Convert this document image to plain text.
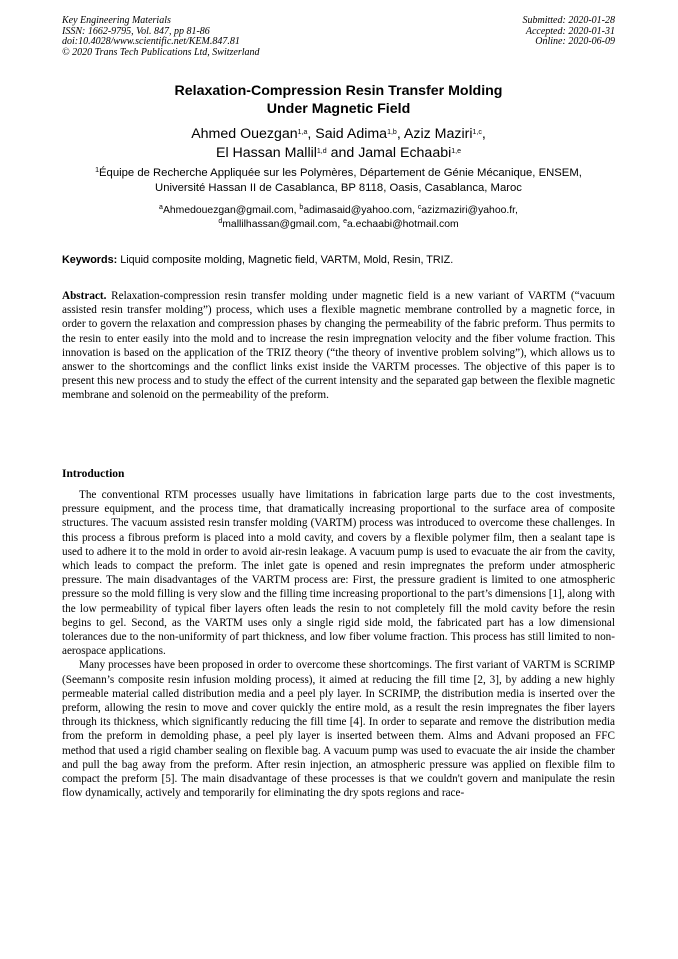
Key Engineering Materials
ISSN: 1662-9795, Vol. 847, pp 81-86
doi:10.4028/www.scientific.net/KEM.847.81
© 2020 Trans Tech Publications Ltd, Switzerland
Submitted: 2020-01-28
Accepted: 2020-01-31
Online: 2020-06-09
Relaxation-Compression Resin Transfer Molding
Under Magnetic Field
Ahmed Ouezgan$^{1,a}$, Said Adima$^{1,b}$, Aziz Maziri$^{1,c}$,
El Hassan Mallil$^{1,d}$ and Jamal Echaabi$^{1,e}$
$^1$Équipe de Recherche Appliquée sur les Polymères, Département de Génie Mécanique, ENSEM,
Université Hassan II de Casablanca, BP 8118, Oasis, Casablanca, Maroc
$^a$Ahmedouezgan@gmail.com, $^b$adimasaid@yahoo.com, $^c$azizmaziri@yahoo.fr,
$^d$mallilhassan@gmail.com, $^e$a.echaabi@hotmail.com
Keywords: Liquid composite molding, Magnetic field, VARTM, Mold, Resin, TRIZ.
Abstract. Relaxation-compression resin transfer molding under magnetic field is a new variant of VARTM (“vacuum assisted resin transfer molding”) process, which uses a flexible magnetic membrane controlled by a magnetic force, in order to govern the relaxation and compression phases by changing the permeability of the fabric preform. Thus permits to the resin to enter easily into the mold and to increase the resin impregnation velocity and the fiber volume fraction. This innovation is based on the application of the TRIZ theory (“the theory of inventive problem solving”), which allows us to answer to the shortcomings and the conflict links exist inside the VARTM processes. The objective of this paper is to present this new process and to study the effect of the current intensity and the separated gap between the flexible magnetic membrane and solenoid on the permeability of the preform.
Introduction

The conventional RTM processes usually have limitations in fabrication large parts due to the cost investments, pressure equipment, and the process time, that dramatically increasing proportional to the surface area of composite structures. The vacuum assisted resin transfer molding (VARTM) process was introduced to overcome these challenges. In this process a fibrous preform is placed into a mold cavity, and covers by a flexible polymer film, then a sealant tape is used to adhere it to the mold in order to avoid air-resin leakage. A vacuum pump is used to evacuate the air from the cavity, which leads to compact the preform. The inlet gate is opened and resin impregnates the preform under atmospheric pressure. The main disadvantages of the VARTM process are: First, the pressure gradient is limited to one atmospheric pressure so the mold filling is very slow and the filling time increasing proportional to the part’s dimensions [1], along with the low permeability of typical fiber layers often leads the resin to not completely fill the mold cavity before the resin begins to gel. Second, as the VARTM uses only a single rigid side mold, the fabricated part has a low dimensional tolerances due to the non-uniformity of part thickness, and low fiber volume fraction. This process has still limited to non-aerospace applications.

Many processes have been proposed in order to overcome these shortcomings. The first variant of VARTM is SCRIMP (Seemann’s composite resin infusion molding process), it aimed at reducing the fill time [2, 3], by adding a new highly permeable material called distribution media and a peel ply layer. In SCRIMP, the distribution media is inserted over the preform, allowing the resin to move and cover quickly the entire mold, as a result the resin impregnates the fiber layers through its thickness, which significantly reducing the fill time [4]. In order to separate and remove the distribution media from the preform in demolding phase, a peel ply layer is inserted between them. Alms and Advani proposed an FFC method that used a rigid chamber sealing on flexible bag. A vacuum pump was used to evacuate the air inside the chamber and pull the bag away from the preform. After resin injection, an atmospheric pressure was applied on flexible film to compact the preform [5]. The main disadvantage of these processes is that we couldn't govern and manipulate the resin flow dynamically, actively and temporarily for eliminating the dry spots regions and race-
